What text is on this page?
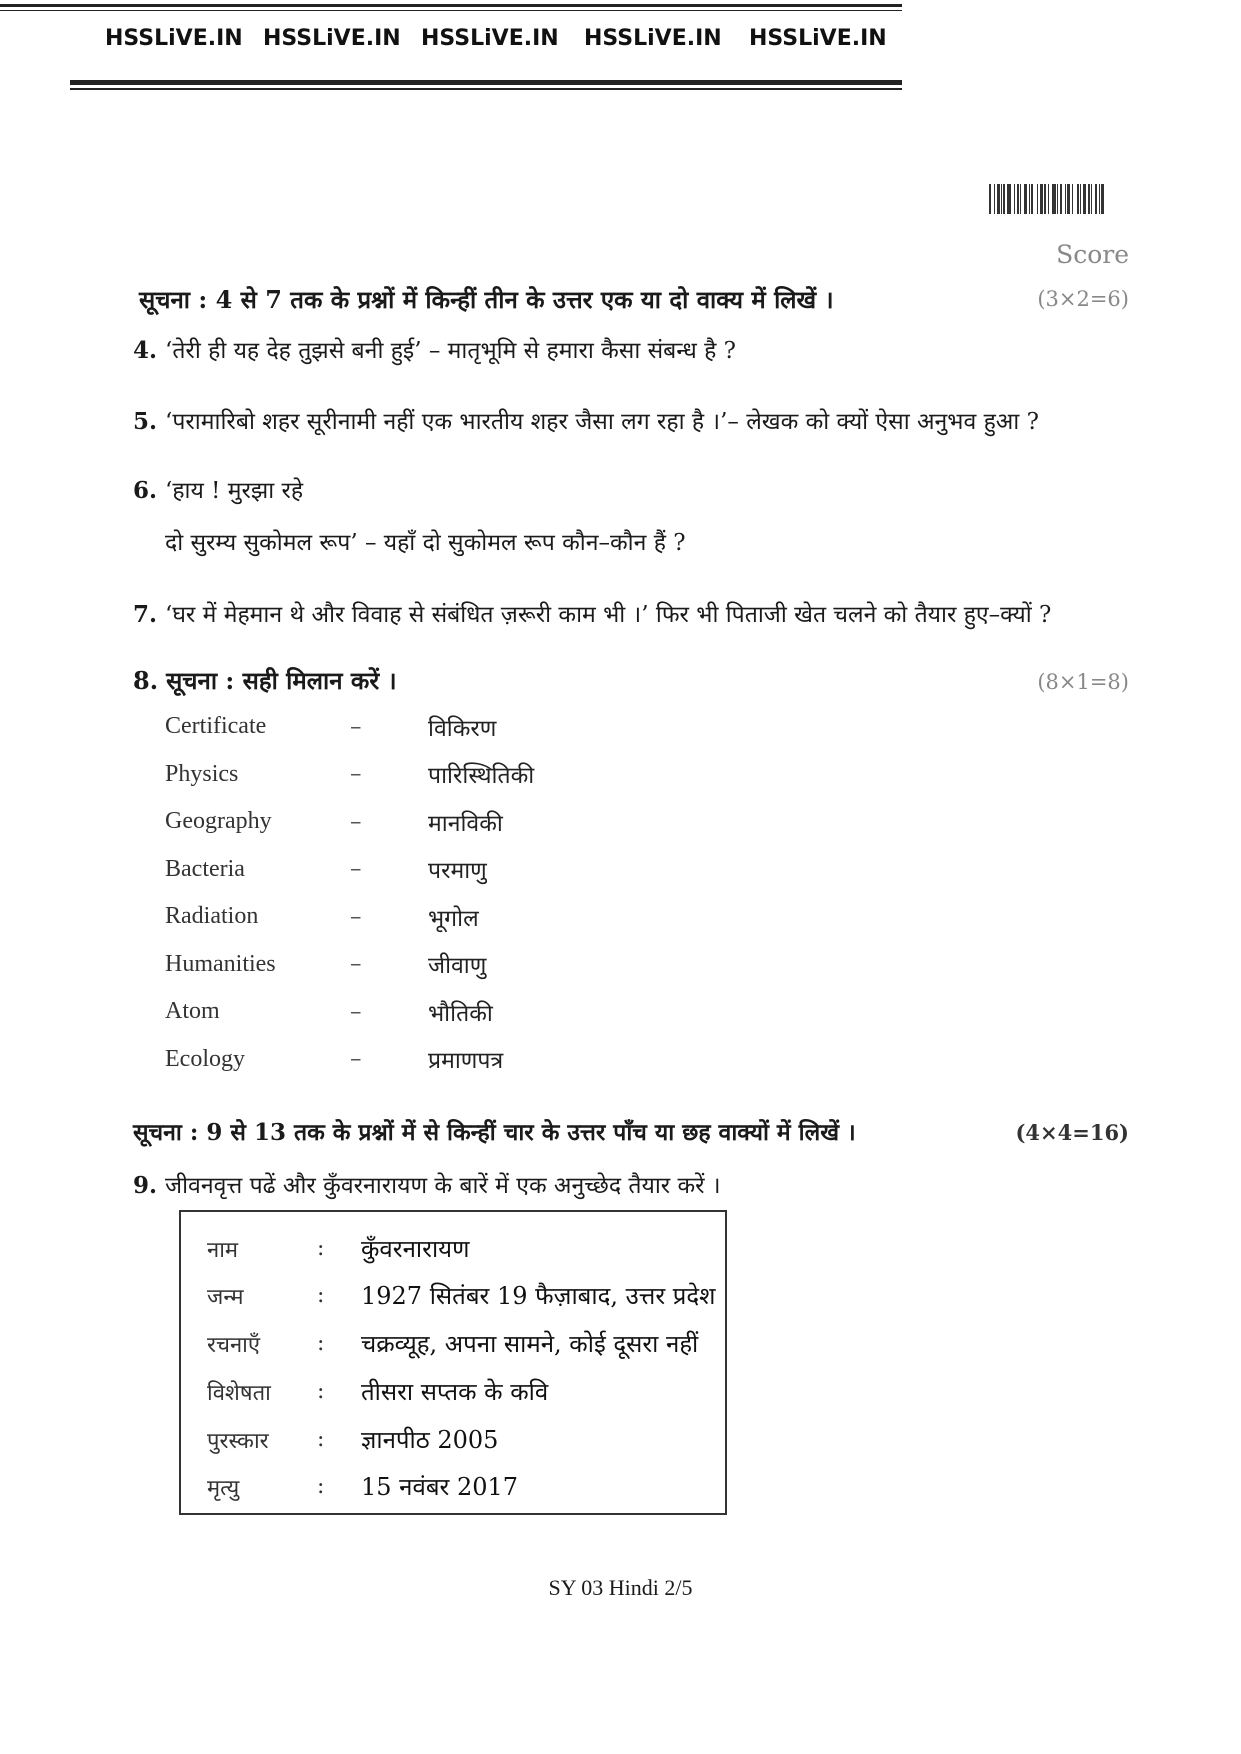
HSSLiVE.IN HSSLiVE.IN HSSLiVE.IN	HSSLiVE.IN	HSSLiVE.IN
Score
सूचना : 4 से 7 तक के प्रश्नों में किन्हीं तीन के उत्तर एक या दो वाक्य में लिखें ।	(3×2=6)
4. ‘तेरी ही यह देह तुझसे बनी हुई’ – मातृभूमि से हमारा कैसा संबन्ध है ?
5. ‘परामारिबो शहर सूरीनामी नहीं एक भारतीय शहर जैसा लग रहा है ।’– लेखक को क्यों ऐसा अनुभव हुआ ?
6. ‘हाय ! मुरझा रहे
दो सुरम्य सुकोमल रूप’ – यहाँ दो सुकोमल रूप कौन–कौन हैं ?
7. ‘घर में मेहमान थे और विवाह से संबंधित ज़रूरी काम भी ।’ फिर भी पिताजी खेत चलने को तैयार हुए–क्यों ?
8. सूचना : सही मिलान करें ।	(8×1=8)
Certificate	–	विकिरण
Physics	–	पारिस्थितिकी
Geography	–	मानविकी
Bacteria	–	परमाणु
Radiation	–	भूगोल
Humanities	–	जीवाणु
Atom	–	भौतिकी
Ecology	–	प्रमाणपत्र
सूचना : 9 से 13 तक के प्रश्नों में से किन्हीं चार के उत्तर पाँच या छह वाक्यों में लिखें ।	(4×4=16)
9. जीवनवृत्त पढें और कुँवरनारायण के बारें में एक अनुच्छेद तैयार करें ।
नाम	:	कुँवरनारायण
जन्म	:	1927 सितंबर 19 फैज़ाबाद, उत्तर प्रदेश
रचनाएँ	:	चक्रव्यूह, अपना सामने, कोई दूसरा नहीं
विशेषता	:	तीसरा सप्तक के कवि
पुरस्कार	:	ज्ञानपीठ 2005
मृत्यु	:	15 नवंबर 2017
SY 03 Hindi 2/5
